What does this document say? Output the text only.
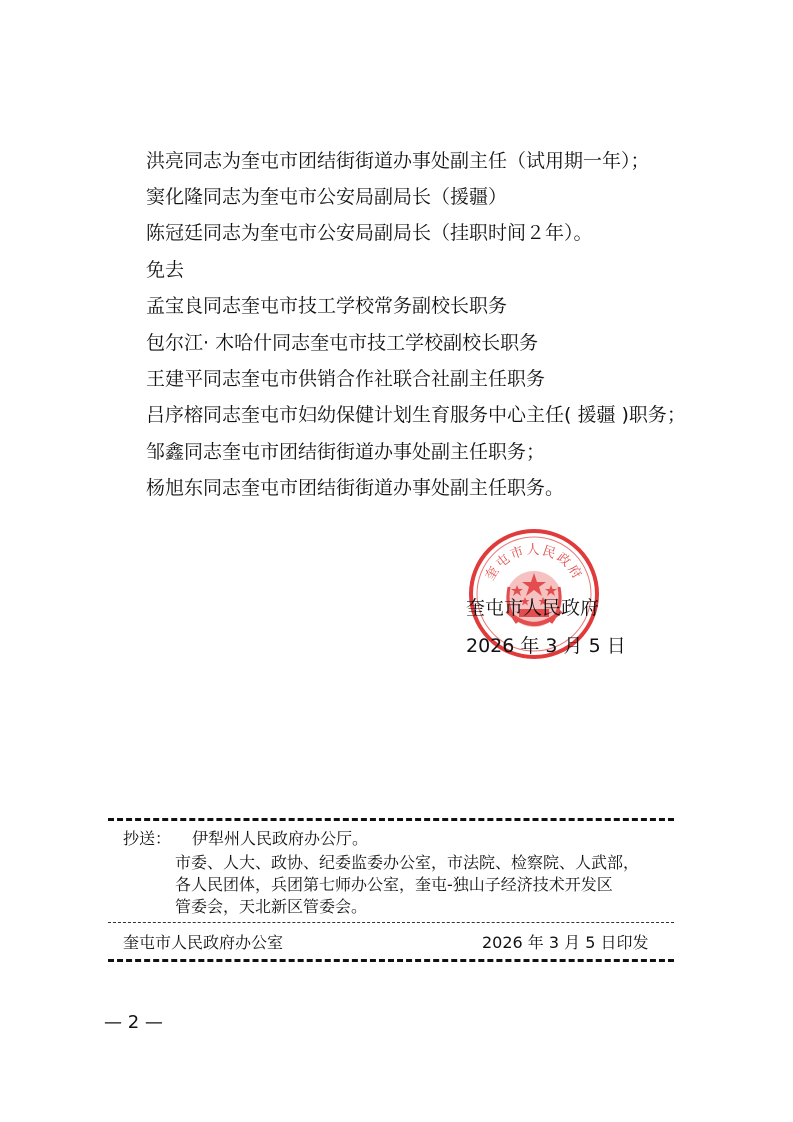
洪亮同志为奎屯市团结街街道办事处副主任（试用期一年）；

窦化隆同志为奎屯市公安局副局长（援疆）

陈冠廷同志为奎屯市公安局副局长（挂职时间２年）。

免去

孟宝良同志奎屯市技工学校常务副校长职务

包尔江· 木哈什同志奎屯市技工学校副校长职务

王建平同志奎屯市供销合作社联合社副主任职务

吕序榕同志奎屯市妇幼保健计划生育服务中心主任( 援疆 )职务；

邹鑫同志奎屯市团结街街道办事处副主任职务；

杨旭东同志奎屯市团结街街道办事处副主任职务。

奎屯市人民政府

奎屯市人民政府

2026 年 3 月 5 日

抄送： 伊犁州人民政府办公厅。
市委、人大、政协、纪委监委办公室，市法院、检察院、人武部，
各人民团体，兵团第七师办公室，奎屯-独山子经济技术开发区
管委会，天北新区管委会。
奎屯市人民政府办公室	2026 年 3 月 5 日印发
— 2 —
